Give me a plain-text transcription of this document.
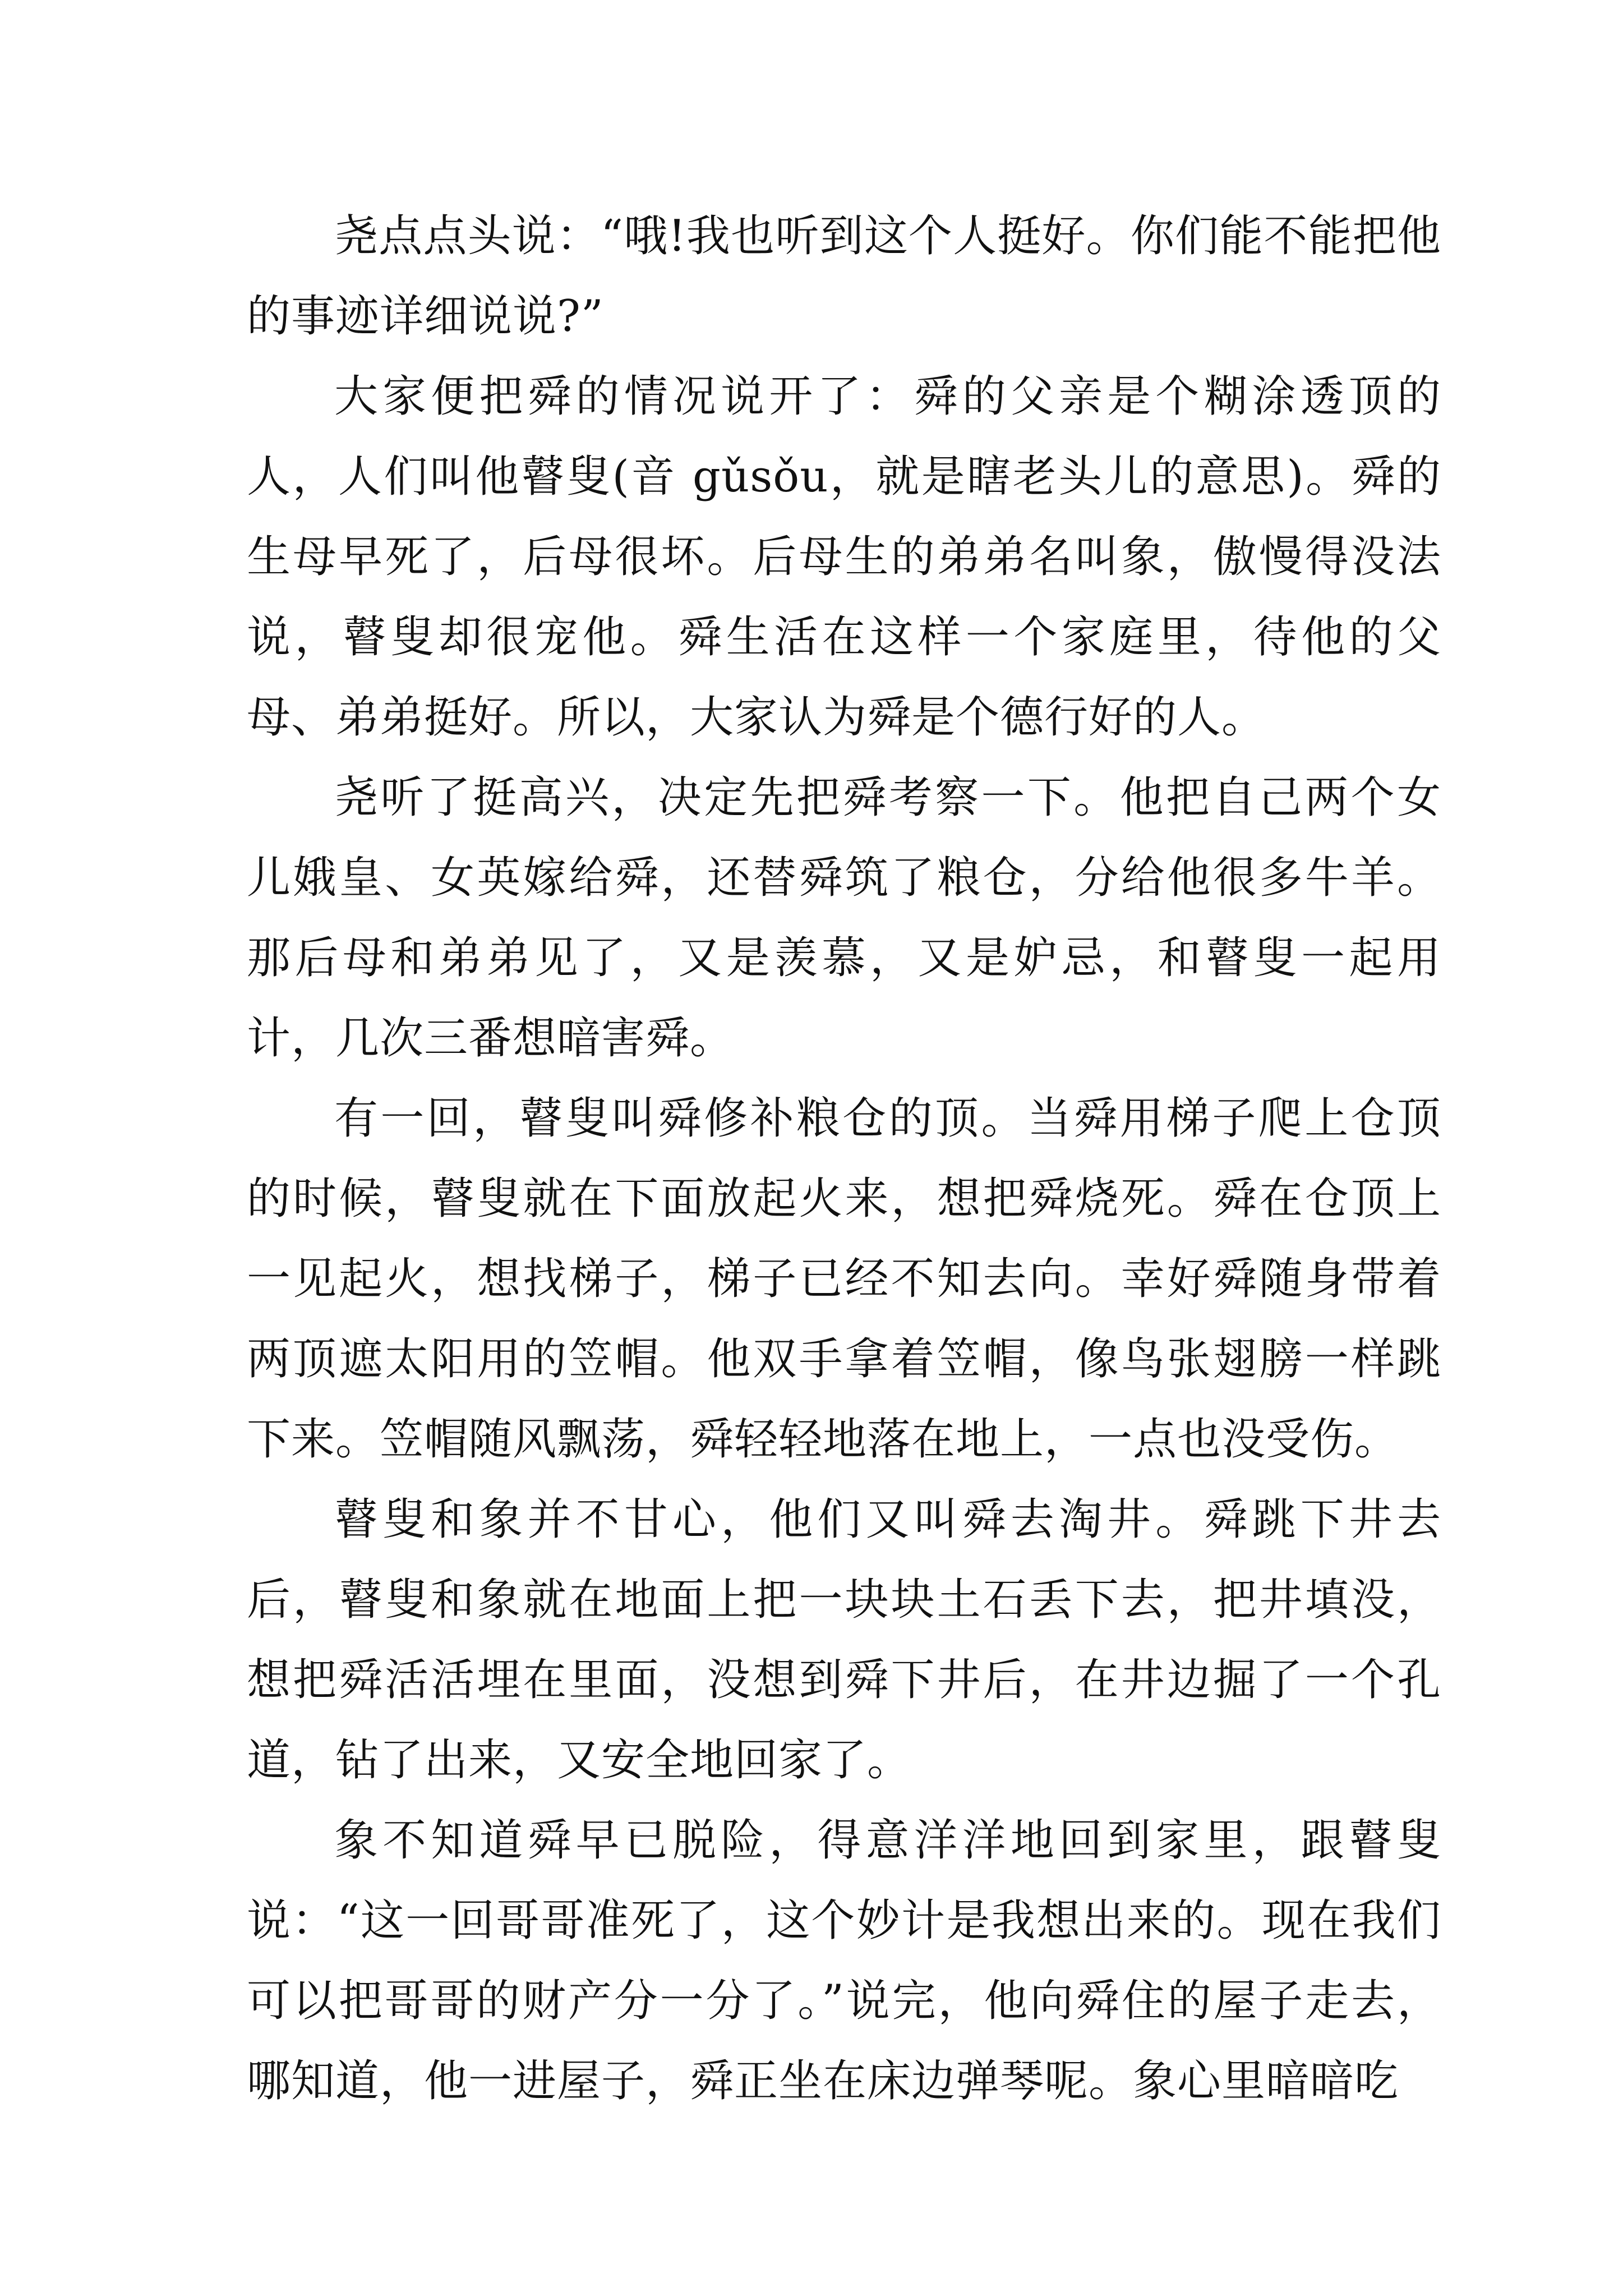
尧点点头说：“哦!我也听到这个人挺好。你们能不能把他的事迹详细说说?”

大家便把舜的情况说开了：舜的父亲是个糊涂透顶的人，人们叫他瞽叟(音 gǔsǒu，就是瞎老头儿的意思)。舜的生母早死了，后母很坏。后母生的弟弟名叫象，傲慢得没法说，瞽叟却很宠他。舜生活在这样一个家庭里，待他的父母、弟弟挺好。所以，大家认为舜是个德行好的人。

尧听了挺高兴，决定先把舜考察一下。他把自己两个女儿娥皇、女英嫁给舜，还替舜筑了粮仓，分给他很多牛羊。那后母和弟弟见了，又是羡慕，又是妒忌，和瞽叟一起用计，几次三番想暗害舜。

有一回，瞽叟叫舜修补粮仓的顶。当舜用梯子爬上仓顶的时候，瞽叟就在下面放起火来，想把舜烧死。舜在仓顶上一见起火，想找梯子，梯子已经不知去向。幸好舜随身带着两顶遮太阳用的笠帽。他双手拿着笠帽，像鸟张翅膀一样跳下来。笠帽随风飘荡，舜轻轻地落在地上，一点也没受伤。

瞽叟和象并不甘心，他们又叫舜去淘井。舜跳下井去后，瞽叟和象就在地面上把一块块土石丢下去，把井填没，想把舜活活埋在里面，没想到舜下井后，在井边掘了一个孔道，钻了出来，又安全地回家了。

象不知道舜早已脱险，得意洋洋地回到家里，跟瞽叟说：“这一回哥哥准死了，这个妙计是我想出来的。现在我们可以把哥哥的财产分一分了。”说完，他向舜住的屋子走去，哪知道，他一进屋子，舜正坐在床边弹琴呢。象心里暗暗吃
